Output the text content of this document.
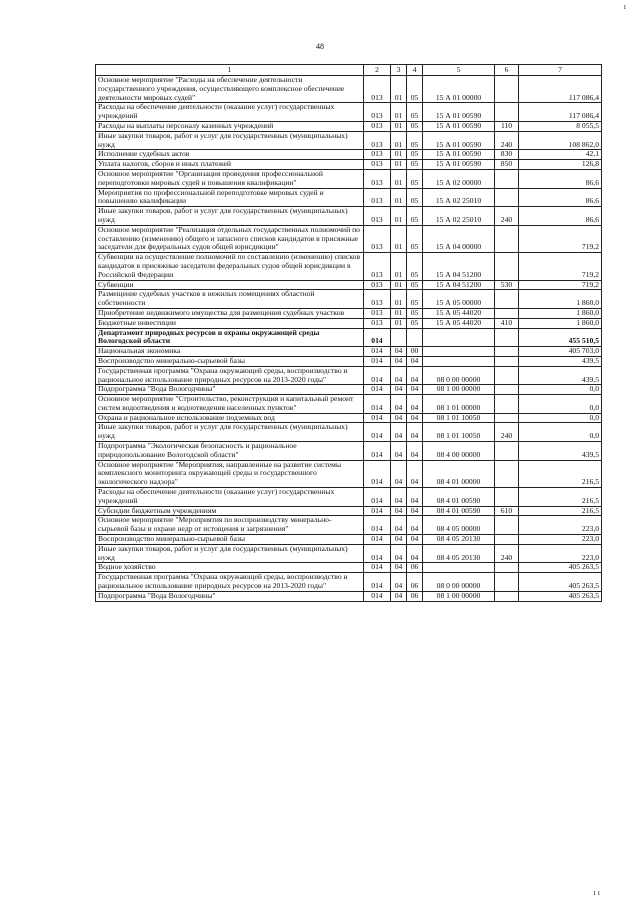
ı
48
1	2	3	4	5	6	7
Основное мероприятие "Расходы на обеспечение деятельности государственного учреждения, осуществляющего комплексное обеспечение деятельности мировых судей"	013	01	05	15 А 01 00000		117 086,4
Расходы на обеспечение деятельности (оказание услуг) государственных учреждений	013	01	05	15 А 01 00590		117 086,4
Расходы на выплаты персоналу казенных учреждений	013	01	05	15 А 01 00590	110	8 055,5
Иные закупки товаров, работ и услуг для государственных (муниципальных) нужд	013	01	05	15 А 01 00590	240	108 862,0
Исполнение судебных актов	013	01	05	15 А 01 00590	830	42,1
Уплата налогов, сборов и иных платежей	013	01	05	15 А 01 00590	850	126,8
Основное мероприятие "Организация проведения профессиональной переподготовки мировых судей и повышения квалификации"	013	01	05	15 А 02 00000		86,6
Мероприятия по профессиональной переподготовке мировых судей и повышению квалификации	013	01	05	15 А 02 25010		86,6
Иные закупки товаров, работ и услуг для государственных (муниципальных) нужд	013	01	05	15 А 02 25010	240	86,6
Основное мероприятие "Реализация отдельных государственных полномочий по составлению (изменению) общего и запасного списков кандидатов в присяжные заседатели для федеральных судов общей юрисдикции"	013	01	05	15 А 04 00000		719,2
Субвенции на осуществление полномочий по составлению (изменению) списков кандидатов в присяжные заседатели федеральных судов общей юрисдикции в Российской Федерации	013	01	05	15 А 04 51200		719,2
Субвенции	013	01	05	15 А 04 51200	530	719,2
Размещение судебных участков в нежилых помещениях областной собственности	013	01	05	15 А 05 00000		1 860,0
Приобретение недвижимого имущества для размещения судебных участков	013	01	05	15 А 05 44020		1 860,0
Бюджетные инвестиции	013	01	05	15 А 05 44020	410	1 860,0
Департамент природных ресурсов и охраны окружающей среды Вологодской области	014					455 510,5
Национальная экономика	014	04	00			405 703,0
Воспроизводство минерально-сырьевой базы	014	04	04			439,5
Государственная программа "Охрана окружающей среды, воспроизводство и рациональное использование природных ресурсов на 2013-2020 годы"	014	04	04	08 0 00 00000		439,5
Подпрограмма "Вода Вологодчины"	014	04	04	08 1 00 00000		0,0
Основное мероприятие "Строительство, реконструкция и капитальный ремонт систем водоотведения и водоотведения населенных пунктов"	014	04	04	08 1 01 00000		0,0
Охрана и рациональное использование подземных вод	014	04	04	08 1 01 10050		0,0
Иные закупки товаров, работ и услуг для государственных (муниципальных) нужд	014	04	04	08 1 01 10050	240	0,0
Подпрограмма "Экологическая безопасность и рациональное природопользование Вологодской области"	014	04	04	08 4 00 00000		439,5
Основное мероприятие "Мероприятия, направленные на развитие системы комплексного мониторинга окружающей среды и государственного экологического надзора"	014	04	04	08 4 01 00000		216,5
Расходы на обеспечение деятельности (оказание услуг) государственных учреждений	014	04	04	08 4 01 00590		216,5
Субсидии бюджетным учреждениям	014	04	04	08 4 01 00590	610	216,5
Основное мероприятие "Мероприятия по воспроизводству минерально-сырьевой базы и охране недр от истощения и загрязнения"	014	04	04	08 4 05 00000		223,0
Воспроизводство минерально-сырьевой базы	014	04	04	08 4 05 20130		223,0
Иные закупки товаров, работ и услуг для государственных (муниципальных) нужд	014	04	04	08 4 05 20130	240	223,0
Водное хозяйство	014	04	06			405 263,5
Государственная программа "Охрана окружающей среды, воспроизводство и рациональное использование природных ресурсов на 2013-2020 годы"	014	04	06	08 0 00 00000		405 263,5
Подпрограмма "Вода Вологодчины"	014	04	06	08 1 00 00000		405 263,5
ı ı
